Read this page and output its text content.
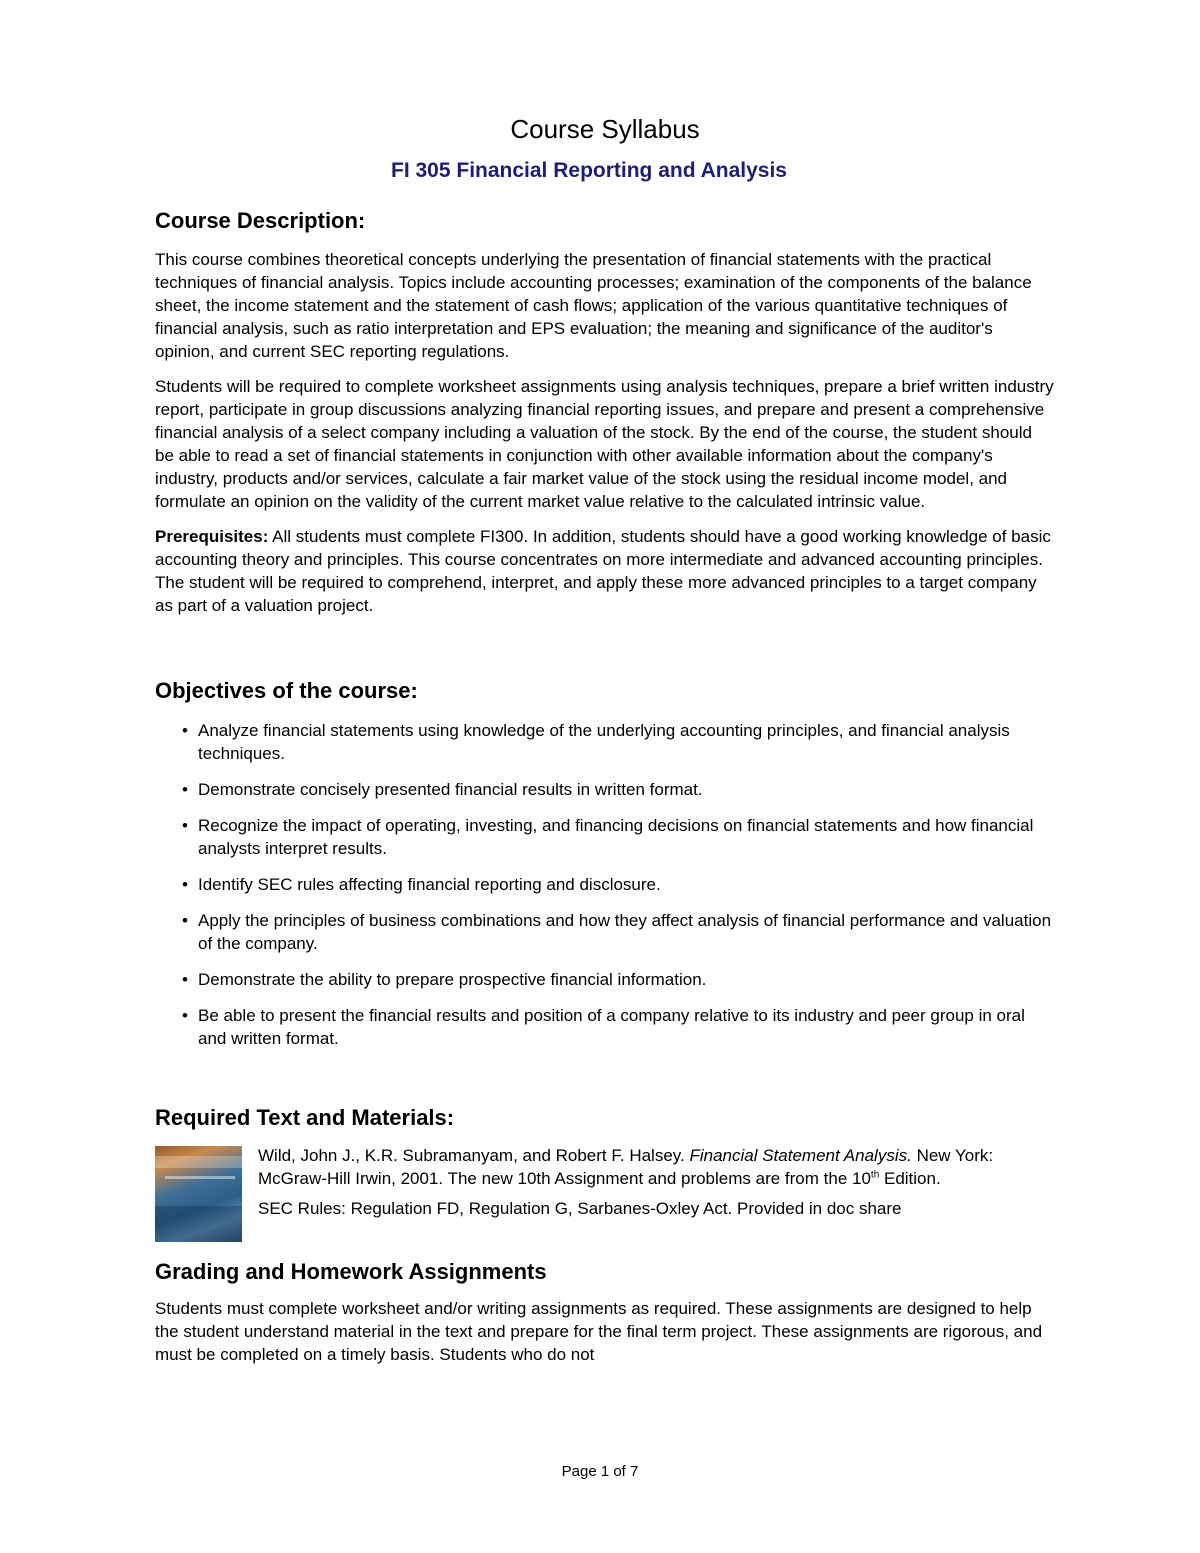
Course Syllabus
FI 305 Financial Reporting and Analysis
Course Description:

This course combines theoretical concepts underlying the presentation of financial statements with the practical techniques of financial analysis. Topics include accounting processes; examination of the components of the balance sheet, the income statement and the statement of cash flows; application of the various quantitative techniques of financial analysis, such as ratio interpretation and EPS evaluation; the meaning and significance of the auditor's opinion, and current SEC reporting regulations.

Students will be required to complete worksheet assignments using analysis techniques, prepare a brief written industry report, participate in group discussions analyzing financial reporting issues, and prepare and present a comprehensive financial analysis of a select company including a valuation of the stock. By the end of the course, the student should be able to read a set of financial statements in conjunction with other available information about the company's industry, products and/or services, calculate a fair market value of the stock using the residual income model, and formulate an opinion on the validity of the current market value relative to the calculated intrinsic value.

Prerequisites: All students must complete FI300. In addition, students should have a good working knowledge of basic accounting theory and principles. This course concentrates on more intermediate and advanced accounting principles. The student will be required to comprehend, interpret, and apply these more advanced principles to a target company as part of a valuation project.

Objectives of the course:
• Analyze financial statements using knowledge of the underlying accounting principles, and financial analysis techniques.
• Demonstrate concisely presented financial results in written format.
• Recognize the impact of operating, investing, and financing decisions on financial statements and how financial analysts interpret results.
• Identify SEC rules affecting financial reporting and disclosure.
• Apply the principles of business combinations and how they affect analysis of financial performance and valuation of the company.
• Demonstrate the ability to prepare prospective financial information.
• Be able to present the financial results and position of a company relative to its industry and peer group in oral and written format.
Required Text and Materials:

Wild, John J., K.R. Subramanyam, and Robert F. Halsey. Financial Statement Analysis. New York: McGraw-Hill Irwin, 2001. The new 10th Assignment and problems are from the 10th Edition.

SEC Rules: Regulation FD, Regulation G, Sarbanes-Oxley Act. Provided in doc share

Grading and Homework Assignments

Students must complete worksheet and/or writing assignments as required. These assignments are designed to help the student understand material in the text and prepare for the final term project. These assignments are rigorous, and must be completed on a timely basis. Students who do not

Page 1 of 7
